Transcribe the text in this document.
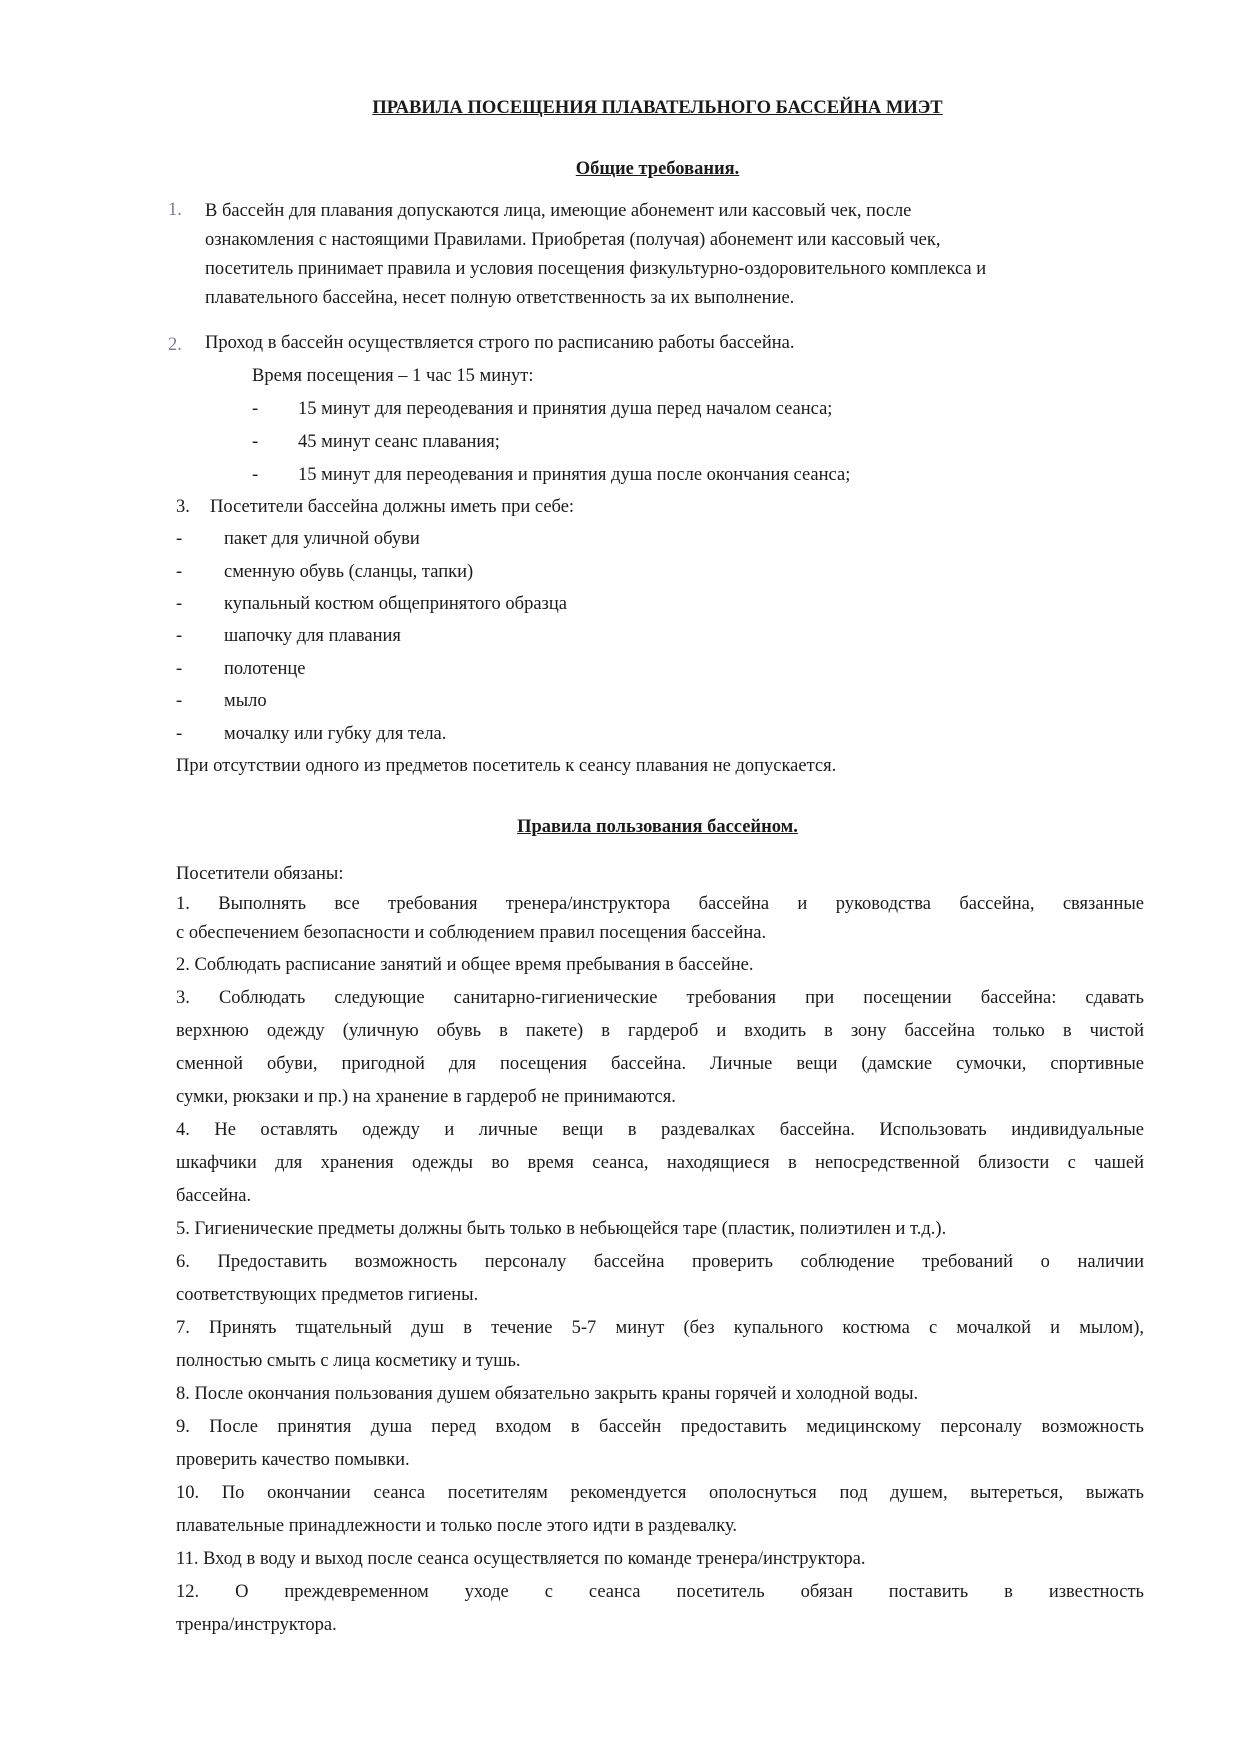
ПРАВИЛА ПОСЕЩЕНИЯ ПЛАВАТЕЛЬНОГО БАССЕЙНА МИЭТ
Общие требования.
1. В бассейн для плавания допускаются лица, имеющие абонемент или кассовый чек, после
ознакомления с настоящими Правилами. Приобретая (получая) абонемент или кассовый чек,
посетитель принимает правила и условия посещения физкультурно-оздоровительного комплекса и
плавательного бассейна, несет полную ответственность за их выполнение.
2. Проход в бассейн осуществляется строго по расписанию работы бассейна.
Время посещения – 1 час 15 минут:
- 15 минут для переодевания и принятия душа перед началом сеанса;
- 45 минут сеанс плавания;
- 15 минут для переодевания и принятия душа после окончания сеанса;
3. Посетители бассейна должны иметь при себе:
- пакет для уличной обуви
- сменную обувь (сланцы, тапки)
- купальный костюм общепринятого образца
- шапочку для плавания
- полотенце
- мыло
- мочалку или губку для тела.
При отсутствии одного из предметов посетитель к сеансу плавания не допускается.
Правила пользования бассейном.
Посетители обязаны:
1. Выполнять все требования тренера/инструктора бассейна и руководства бассейна, связанные
с обеспечением безопасности и соблюдением правил посещения бассейна.
2. Соблюдать расписание занятий и общее время пребывания в бассейне.
3. Соблюдать следующие санитарно-гигиенические требования при посещении бассейна: сдавать
верхнюю одежду (уличную обувь в пакете) в гардероб и входить в зону бассейна только в чистой
сменной обуви, пригодной для посещения бассейна. Личные вещи (дамские сумочки, спортивные
сумки, рюкзаки и пр.) на хранение в гардероб не принимаются.
4. Не оставлять одежду и личные вещи в раздевалках бассейна. Использовать индивидуальные
шкафчики для хранения одежды во время сеанса, находящиеся в непосредственной близости с чашей
бассейна.
5. Гигиенические предметы должны быть только в небьющейся таре (пластик, полиэтилен и т.д.).
6. Предоставить возможность персоналу бассейна проверить соблюдение требований о наличии
соответствующих предметов гигиены.
7. Принять тщательный душ в течение 5-7 минут (без купального костюма с мочалкой и мылом),
полностью смыть с лица косметику и тушь.
8. После окончания пользования душем обязательно закрыть краны горячей и холодной воды.
9. После принятия душа перед входом в бассейн предоставить медицинскому персоналу возможность
проверить качество помывки.
10. По окончании сеанса посетителям рекомендуется ополоснуться под душем, вытереться, выжать
плавательные принадлежности и только после этого идти в раздевалку.
11. Вход в воду и выход после сеанса осуществляется по команде тренера/инструктора.
12.   О   преждевременном   уходе   с   сеанса   посетитель   обязан   поставить   в   известность
тренра/инструктора.
